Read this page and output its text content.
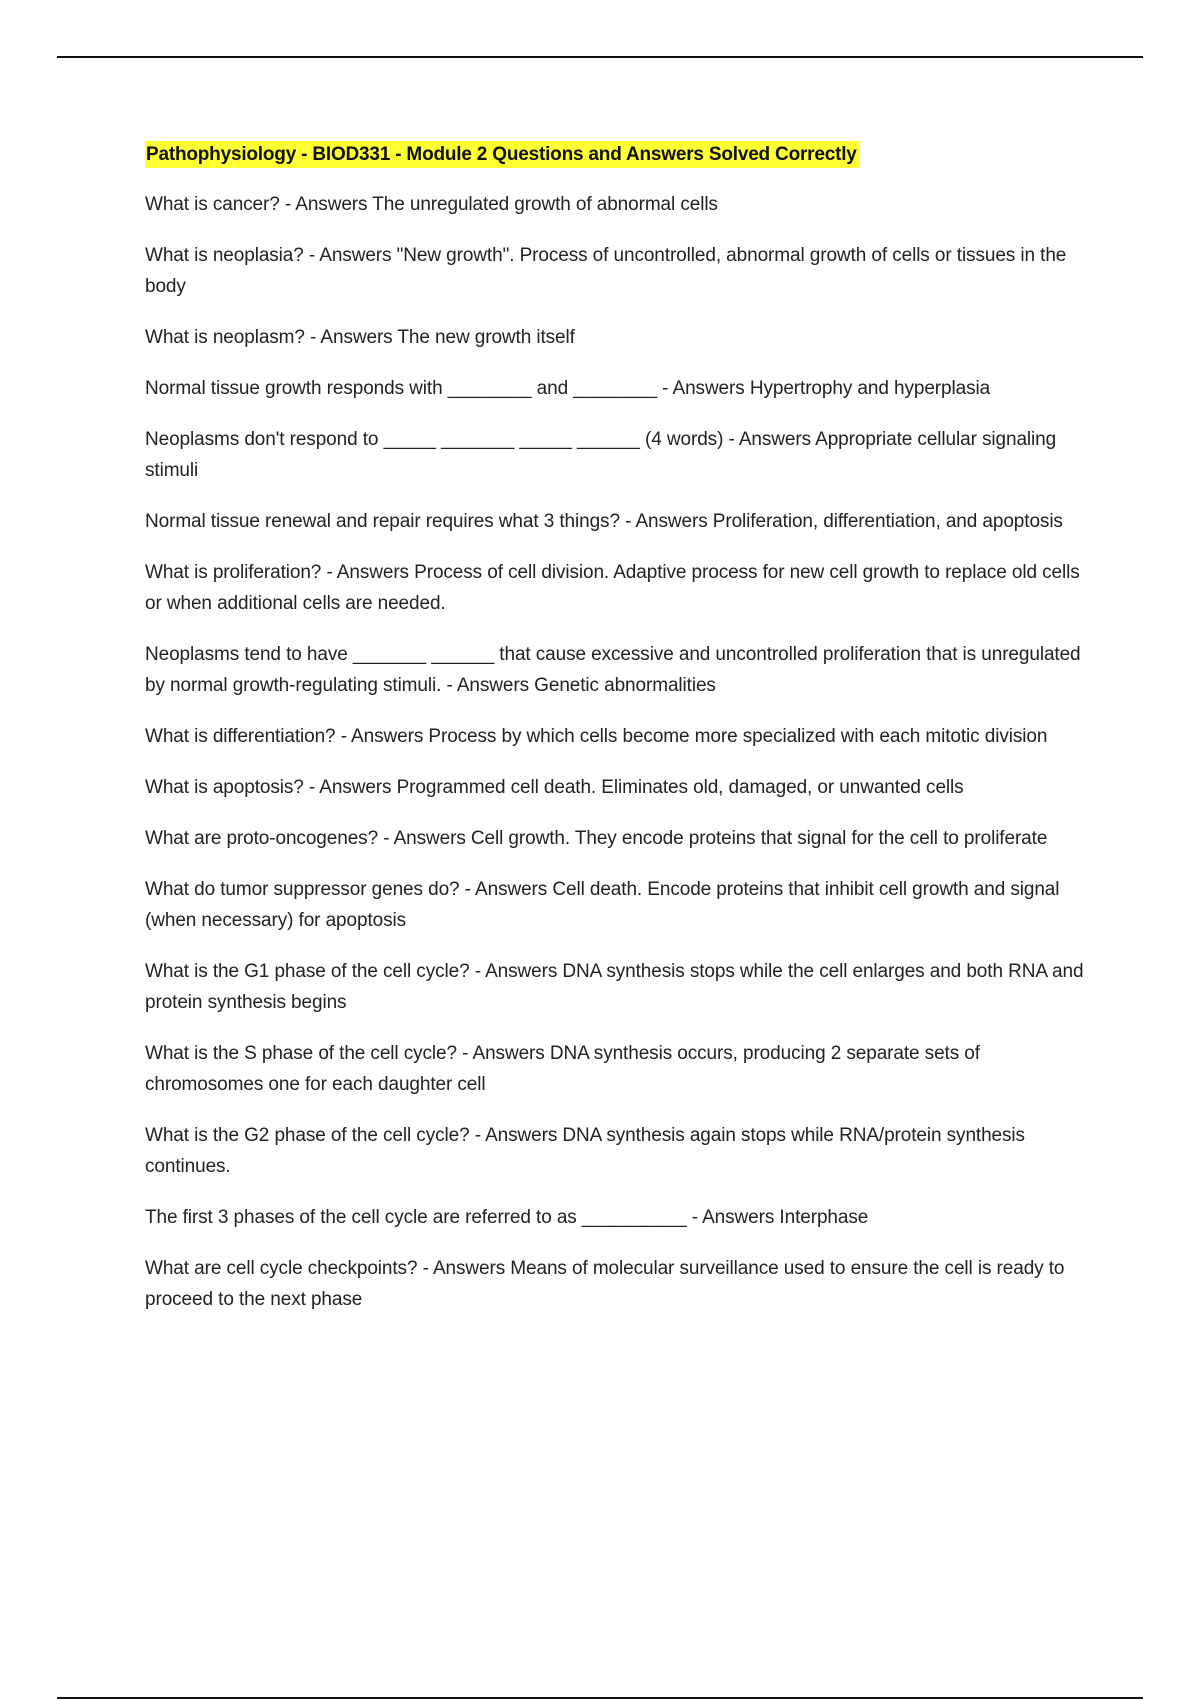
Pathophysiology - BIOD331 - Module 2 Questions and Answers Solved Correctly

What is cancer? - Answers The unregulated growth of abnormal cells

What is neoplasia? - Answers "New growth". Process of uncontrolled, abnormal growth of cells or tissues in the body

What is neoplasm? - Answers The new growth itself

Normal tissue growth responds with ________ and ________ - Answers Hypertrophy and hyperplasia

Neoplasms don't respond to _____ _______ _____ ______ (4 words) - Answers Appropriate cellular signaling stimuli

Normal tissue renewal and repair requires what 3 things? - Answers Proliferation, differentiation, and apoptosis

What is proliferation? - Answers Process of cell division. Adaptive process for new cell growth to replace old cells or when additional cells are needed.

Neoplasms tend to have _______ ______ that cause excessive and uncontrolled proliferation that is unregulated by normal growth-regulating stimuli. - Answers Genetic abnormalities

What is differentiation? - Answers Process by which cells become more specialized with each mitotic division

What is apoptosis? - Answers Programmed cell death. Eliminates old, damaged, or unwanted cells

What are proto-oncogenes? - Answers Cell growth. They encode proteins that signal for the cell to proliferate

What do tumor suppressor genes do? - Answers Cell death. Encode proteins that inhibit cell growth and signal (when necessary) for apoptosis

What is the G1 phase of the cell cycle? - Answers DNA synthesis stops while the cell enlarges and both RNA and protein synthesis begins

What is the S phase of the cell cycle? - Answers DNA synthesis occurs, producing 2 separate sets of chromosomes one for each daughter cell

What is the G2 phase of the cell cycle? - Answers DNA synthesis again stops while RNA/protein synthesis continues.

The first 3 phases of the cell cycle are referred to as __________ - Answers Interphase

What are cell cycle checkpoints? - Answers Means of molecular surveillance used to ensure the cell is ready to proceed to the next phase
